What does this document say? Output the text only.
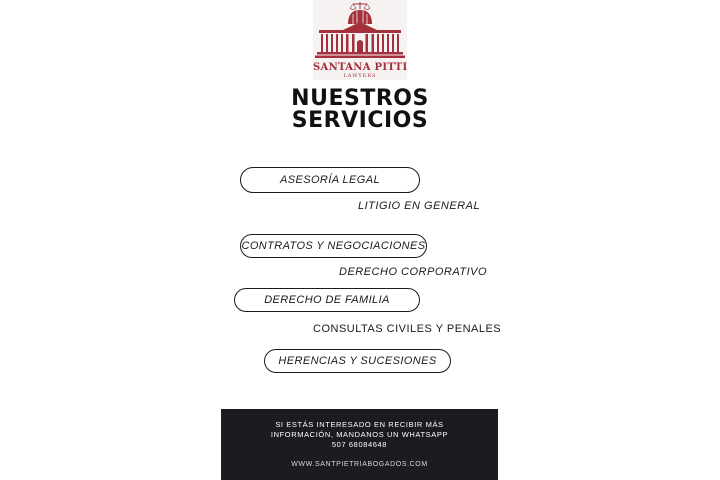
SANTANA PITTI
LAWYERS
NUESTROS
SERVICIOS
ASESORÍA LEGAL
LITIGIO EN GENERAL
CONTRATOS Y NEGOCIACIONES
DERECHO CORPORATIVO
DERECHO DE FAMILIA
CONSULTAS CIVILES Y PENALES
HERENCIAS Y SUCESIONES
SI ESTÁS INTERESADO EN RECIBIR MÁS
INFORMACIÓN, MANDANOS UN WHATSAPP
507 68084648
WWW.SANTPIETRIABOGADOS.COM
